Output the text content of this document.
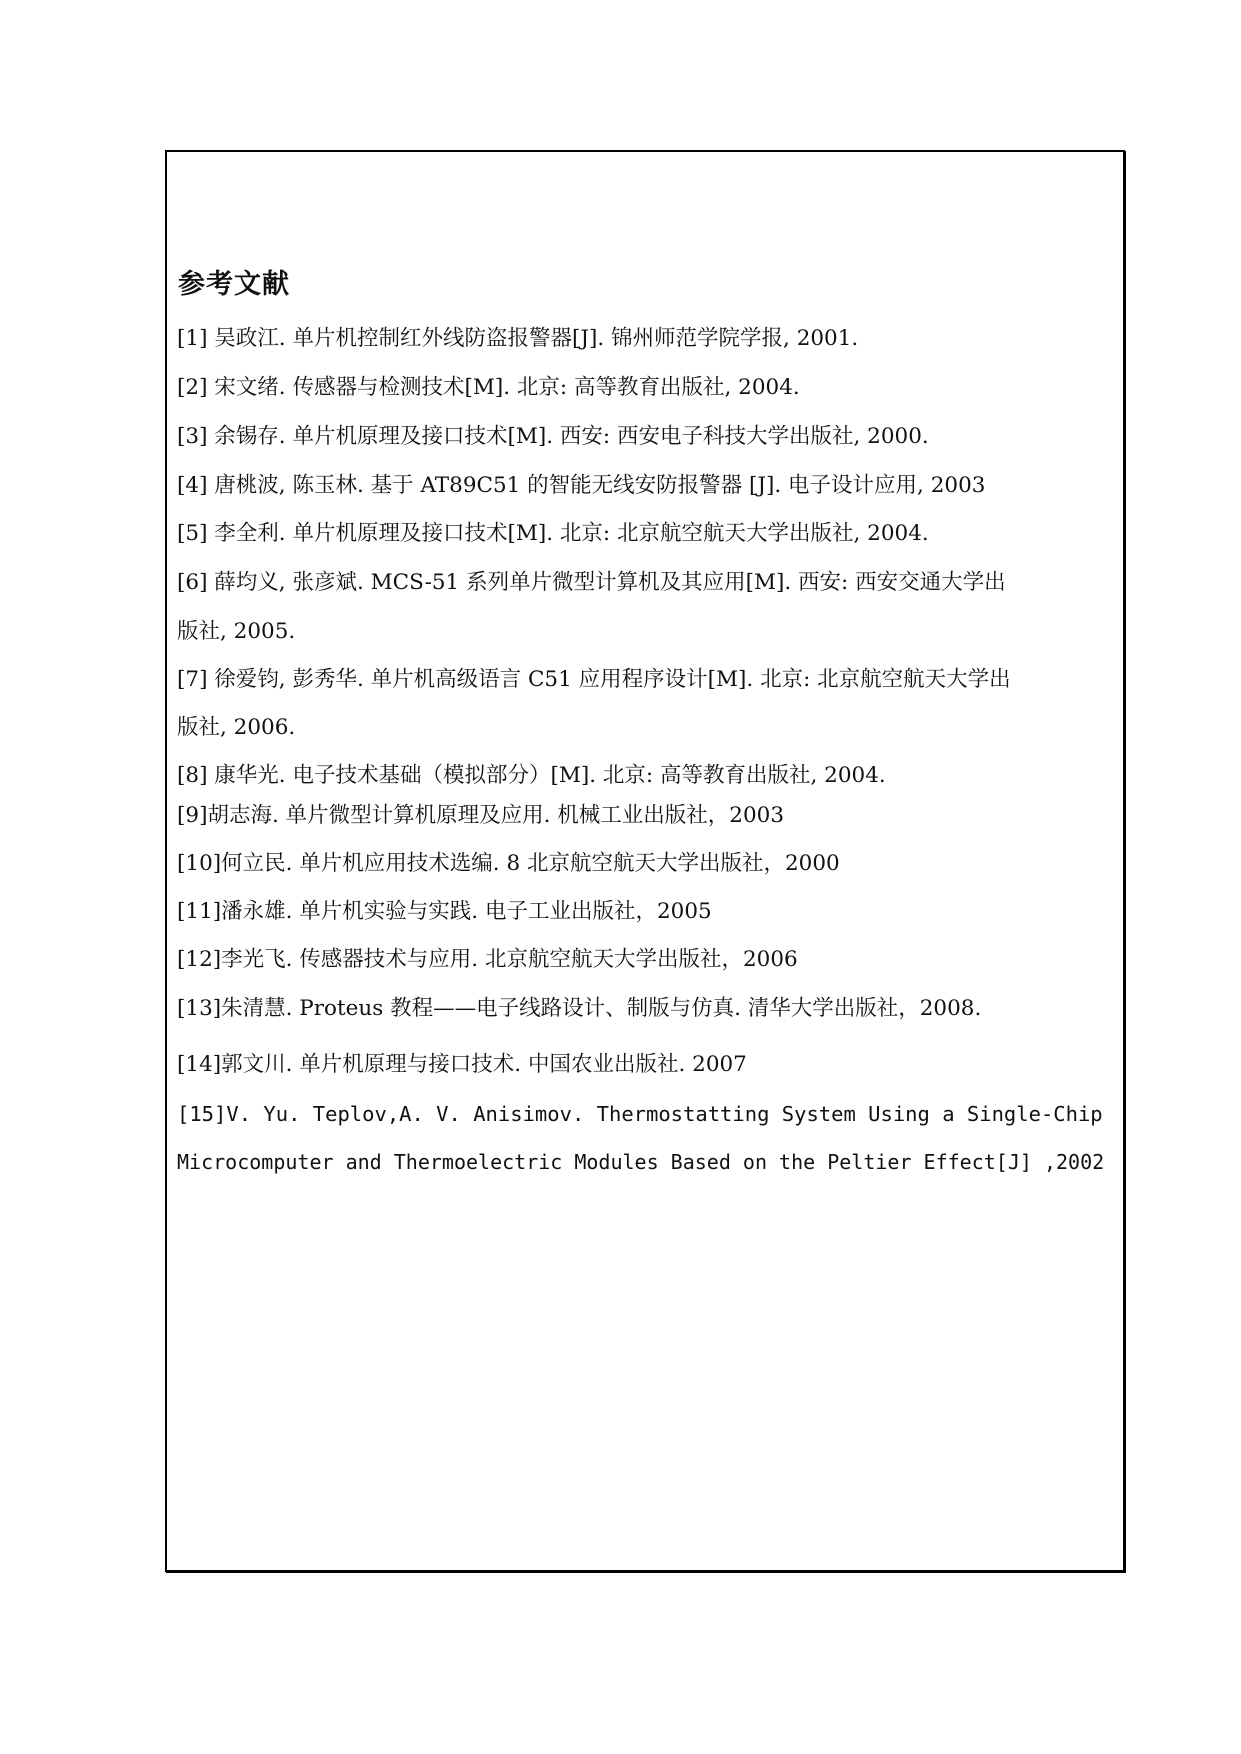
参考文献
[1] 吴政江. 单片机控制红外线防盗报警器[J]. 锦州师范学院学报, 2001.
[2] 宋文绪. 传感器与检测技术[M]. 北京: 高等教育出版社, 2004.
[3] 余锡存. 单片机原理及接口技术[M]. 西安: 西安电子科技大学出版社, 2000.
[4] 唐桃波, 陈玉林. 基于 AT89C51 的智能无线安防报警器 [J]. 电子设计应用, 2003
[5] 李全利. 单片机原理及接口技术[M]. 北京: 北京航空航天大学出版社, 2004.
[6] 薛均义, 张彦斌. MCS-51 系列单片微型计算机及其应用[M]. 西安: 西安交通大学出
版社, 2005.
[7] 徐爱钧, 彭秀华. 单片机高级语言 C51 应用程序设计[M]. 北京: 北京航空航天大学出
版社, 2006.
[8] 康华光. 电子技术基础（模拟部分）[M]. 北京: 高等教育出版社, 2004.
[9]胡志海. 单片微型计算机原理及应用. 机械工业出版社，2003
[10]何立民. 单片机应用技术选编. 8 北京航空航天大学出版社，2000
[11]潘永雄. 单片机实验与实践. 电子工业出版社，2005
[12]李光飞. 传感器技术与应用. 北京航空航天大学出版社，2006
[13]朱清慧. Proteus 教程——电子线路设计、制版与仿真. 清华大学出版社，2008.
[14]郭文川. 单片机原理与接口技术. 中国农业出版社. 2007
[15]V. Yu. Teplov,A. V. Anisimov. Thermostatting System Using a Single-Chip
Microcomputer and Thermoelectric Modules Based on the Peltier Effect[J] ,2002
